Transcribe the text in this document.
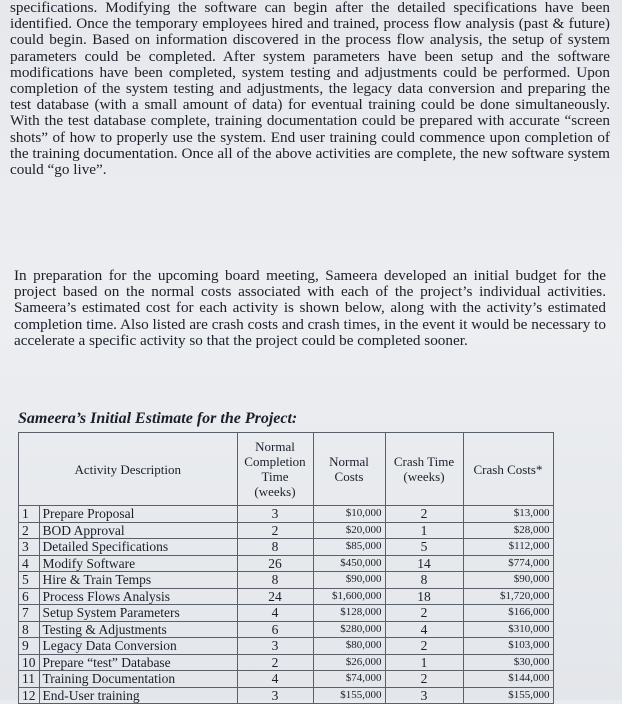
specifications. Modifying the software can begin after the detailed specifications have been identified. Once the temporary employees hired and trained, process flow analysis (past & future) could begin. Based on information discovered in the process flow analysis, the setup of system parameters could be completed. After system parameters have been setup and the software modifications have been completed, system testing and adjustments could be performed. Upon completion of the system testing and adjustments, the legacy data conversion and preparing the test database (with a small amount of data) for eventual training could be done simultaneously. With the test database complete, training documentation could be prepared with accurate “screen shots” of how to properly use the system. End user training could commence upon completion of the training documentation. Once all of the above activities are complete, the new software system could “go live”.

In preparation for the upcoming board meeting, Sameera developed an initial budget for the project based on the normal costs associated with each of the project’s individual activities. Sameera’s estimated cost for each activity is shown below, along with the activity’s estimated completion time. Also listed are crash costs and crash times, in the event it would be necessary to accelerate a specific activity so that the project could be completed sooner.

Sameera’s Initial Estimate for the Project:

Activity Description		Normal Completion Time (weeks)	Normal Costs	Crash Time (weeks)	Crash Costs*
1	Prepare Proposal	3	$10,000	2	$13,000
2	BOD Approval	2	$20,000	1	$28,000
3	Detailed Specifications	8	$85,000	5	$112,000
4	Modify Software	26	$450,000	14	$774,000
5	Hire & Train Temps	8	$90,000	8	$90,000
6	Process Flows Analysis	24	$1,600,000	18	$1,720,000
7	Setup System Parameters	4	$128,000	2	$166,000
8	Testing & Adjustments	6	$280,000	4	$310,000
9	Legacy Data Conversion	3	$80,000	2	$103,000
10	Prepare “test” Database	2	$26,000	1	$30,000
11	Training Documentation	4	$74,000	2	$144,000
12	End-User training	3	$155,000	3	$155,000
